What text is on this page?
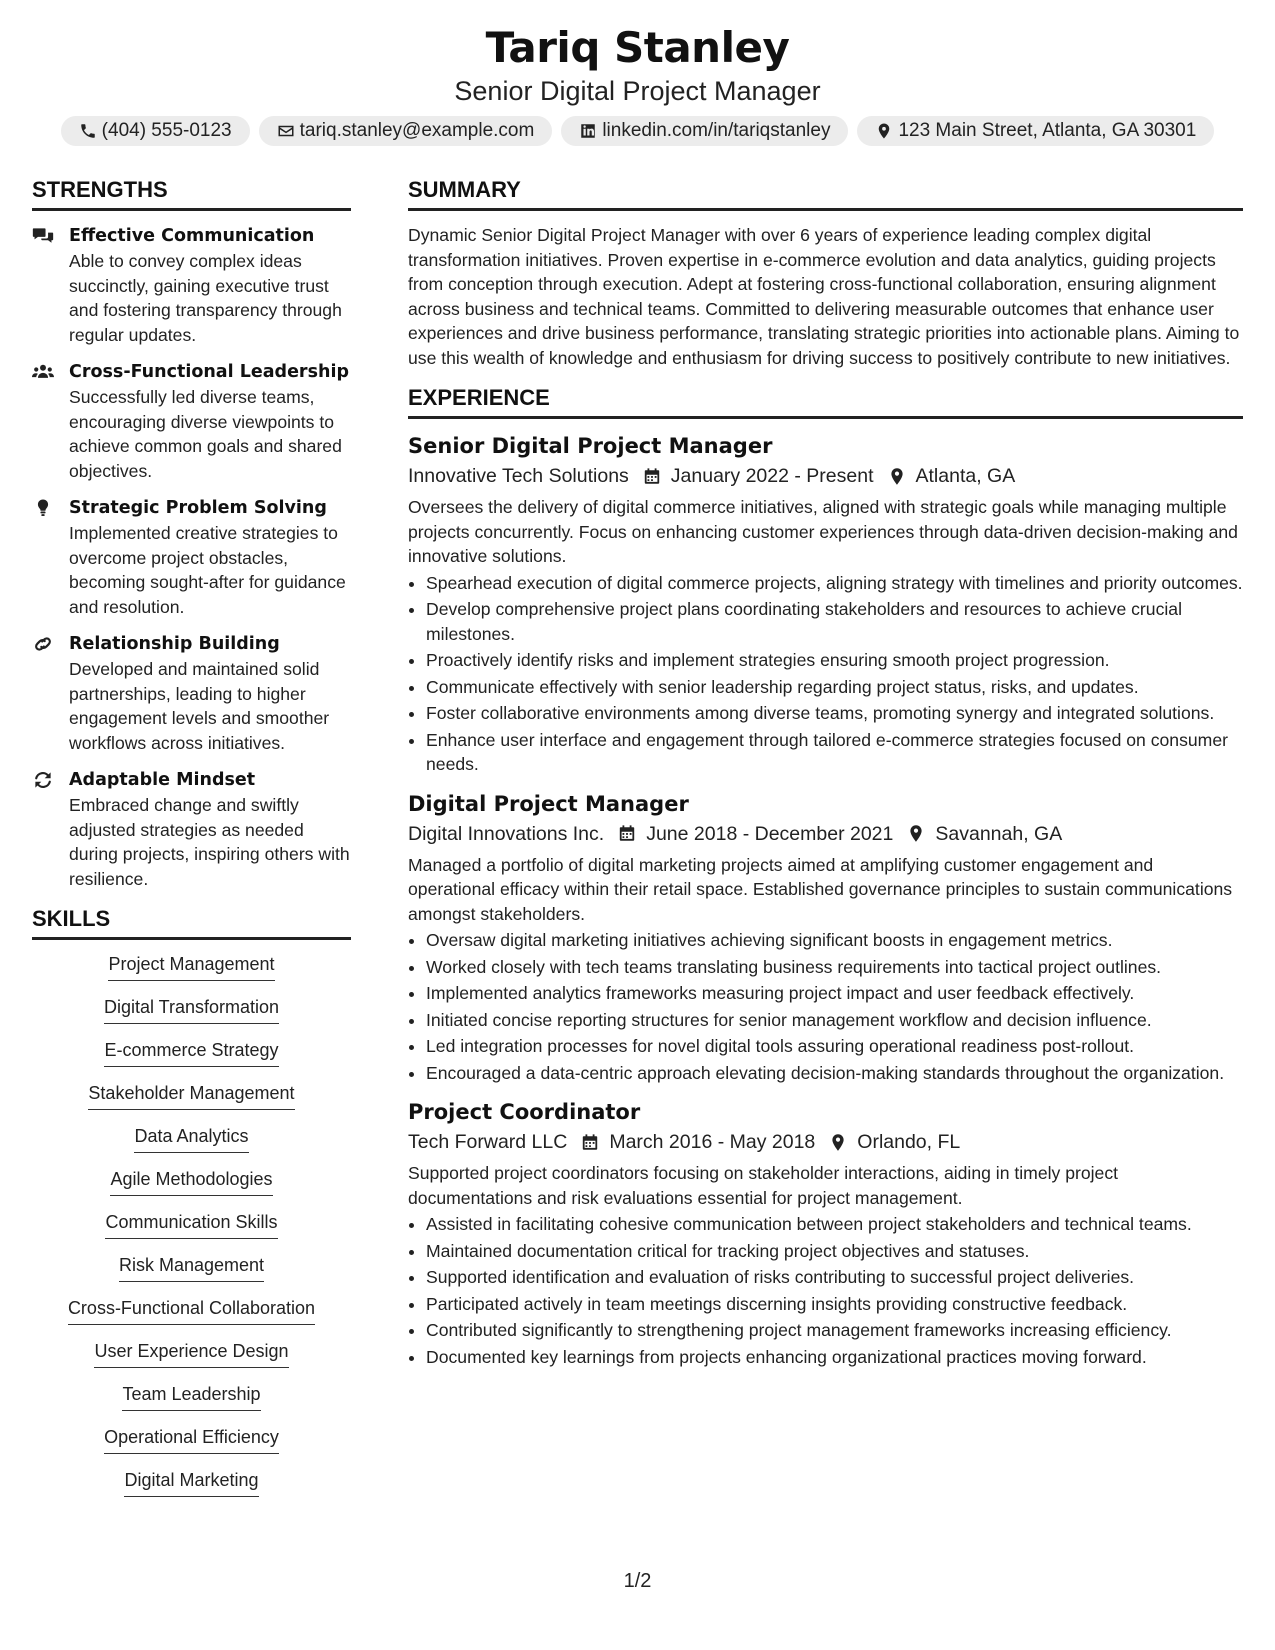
Tariq Stanley
Senior Digital Project Manager
(404) 555-0123	tariq.stanley@example.com	linkedin.com/in/tariqstanley	123 Main Street, Atlanta, GA 30301
STRENGTHS
Effective Communication
Able to convey complex ideas succinctly, gaining executive trust and fostering transparency through regular updates.
Cross-Functional Leadership
Successfully led diverse teams, encouraging diverse viewpoints to achieve common goals and shared objectives.
Strategic Problem Solving
Implemented creative strategies to overcome project obstacles, becoming sought-after for guidance and resolution.
Relationship Building
Developed and maintained solid partnerships, leading to higher engagement levels and smoother workflows across initiatives.
Adaptable Mindset
Embraced change and swiftly adjusted strategies as needed during projects, inspiring others with resilience.
SKILLS
Project Management
Digital Transformation
E-commerce Strategy
Stakeholder Management
Data Analytics
Agile Methodologies
Communication Skills
Risk Management
Cross-Functional Collaboration
User Experience Design
Team Leadership
Operational Efficiency
Digital Marketing
SUMMARY

Dynamic Senior Digital Project Manager with over 6 years of experience leading complex digital transformation initiatives. Proven expertise in e-commerce evolution and data analytics, guiding projects from conception through execution. Adept at fostering cross-functional collaboration, ensuring alignment across business and technical teams. Committed to delivering measurable outcomes that enhance user experiences and drive business performance, translating strategic priorities into actionable plans. Aiming to use this wealth of knowledge and enthusiasm for driving success to positively contribute to new initiatives.

EXPERIENCE
Senior Digital Project Manager
Innovative Tech Solutions January 2022 - Present Atlanta, GA
Oversees the delivery of digital commerce initiatives, aligned with strategic goals while managing multiple projects concurrently. Focus on enhancing customer experiences through data-driven decision-making and innovative solutions.
• Spearhead execution of digital commerce projects, aligning strategy with timelines and priority outcomes.
• Develop comprehensive project plans coordinating stakeholders and resources to achieve crucial milestones.
• Proactively identify risks and implement strategies ensuring smooth project progression.
• Communicate effectively with senior leadership regarding project status, risks, and updates.
• Foster collaborative environments among diverse teams, promoting synergy and integrated solutions.
• Enhance user interface and engagement through tailored e-commerce strategies focused on consumer needs.
Digital Project Manager
Digital Innovations Inc. June 2018 - December 2021 Savannah, GA
Managed a portfolio of digital marketing projects aimed at amplifying customer engagement and operational efficacy within their retail space. Established governance principles to sustain communications amongst stakeholders.
• Oversaw digital marketing initiatives achieving significant boosts in engagement metrics.
• Worked closely with tech teams translating business requirements into tactical project outlines.
• Implemented analytics frameworks measuring project impact and user feedback effectively.
• Initiated concise reporting structures for senior management workflow and decision influence.
• Led integration processes for novel digital tools assuring operational readiness post-rollout.
• Encouraged a data-centric approach elevating decision-making standards throughout the organization.
Project Coordinator
Tech Forward LLC March 2016 - May 2018 Orlando, FL
Supported project coordinators focusing on stakeholder interactions, aiding in timely project documentations and risk evaluations essential for project management.
• Assisted in facilitating cohesive communication between project stakeholders and technical teams.
• Maintained documentation critical for tracking project objectives and statuses.
• Supported identification and evaluation of risks contributing to successful project deliveries.
• Participated actively in team meetings discerning insights providing constructive feedback.
• Contributed significantly to strengthening project management frameworks increasing efficiency.
• Documented key learnings from projects enhancing organizational practices moving forward.
1/2
